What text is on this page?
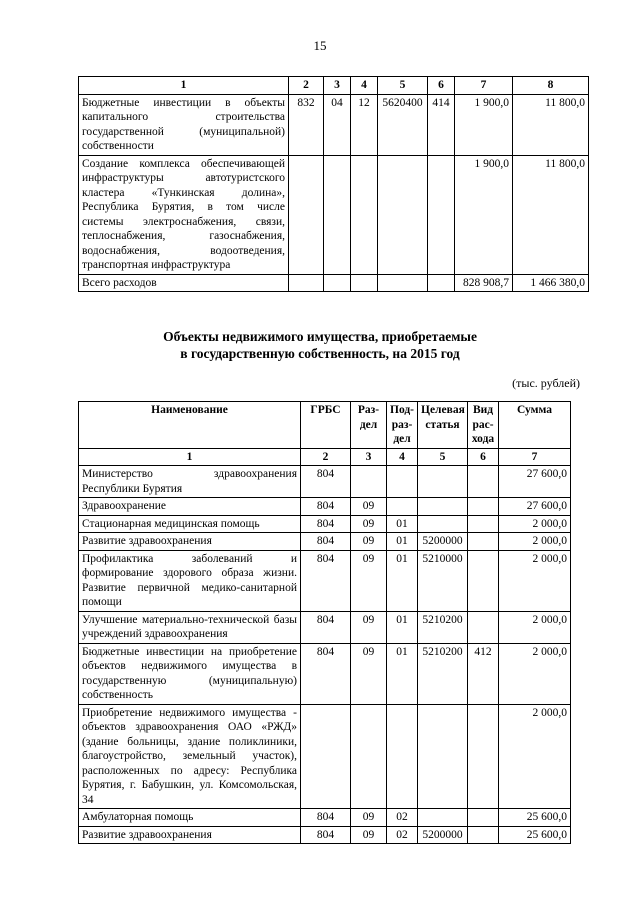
15
1	2	3	4	5	6	7	8
Бюджетные инвестиции в объекты капитального строительства государственной (муниципальной) собственности	832	04	12	5620400	414	1 900,0	11 800,0
Создание комплекса обеспечивающей инфраструктуры автотуристского кластера «Тункинская долина», Республика Бурятия, в том числе системы электроснабжения, связи, теплоснабжения, газоснабжения, водоснабжения, водоотведения, транспортная инфраструктура						1 900,0	11 800,0
Всего расходов						828 908,7	1 466 380,0
Объекты недвижимого имущества, приобретаемые
в государственную собственность, на 2015 год
(тыс. рублей)
Наименование	ГРБС	Раз- дел	Под- раз- дел	Целевая статья	Вид рас- хода	Сумма
1	2	3	4	5	6	7
Министерство здравоохранения Республики Бурятия	804					27 600,0
Здравоохранение	804	09				27 600,0
Стационарная медицинская помощь	804	09	01			2 000,0
Развитие здравоохранения	804	09	01	5200000		2 000,0
Профилактика заболеваний и формирование здорового образа жизни. Развитие первичной медико-санитарной помощи	804	09	01	5210000		2 000,0
Улучшение материально-технической базы учреждений здравоохранения	804	09	01	5210200		2 000,0
Бюджетные инвестиции на приобретение объектов недвижимого имущества в государственную (муниципальную) собственность	804	09	01	5210200	412	2 000,0
Приобретение недвижимого имущества - объектов здравоохранения ОАО «РЖД» (здание больницы, здание поликлиники, благоустройство, земельный участок), расположенных по адресу: Республика Бурятия, г. Бабушкин, ул. Комсомольская, 34						2 000,0
Амбулаторная помощь	804	09	02			25 600,0
Развитие здравоохранения	804	09	02	5200000		25 600,0
